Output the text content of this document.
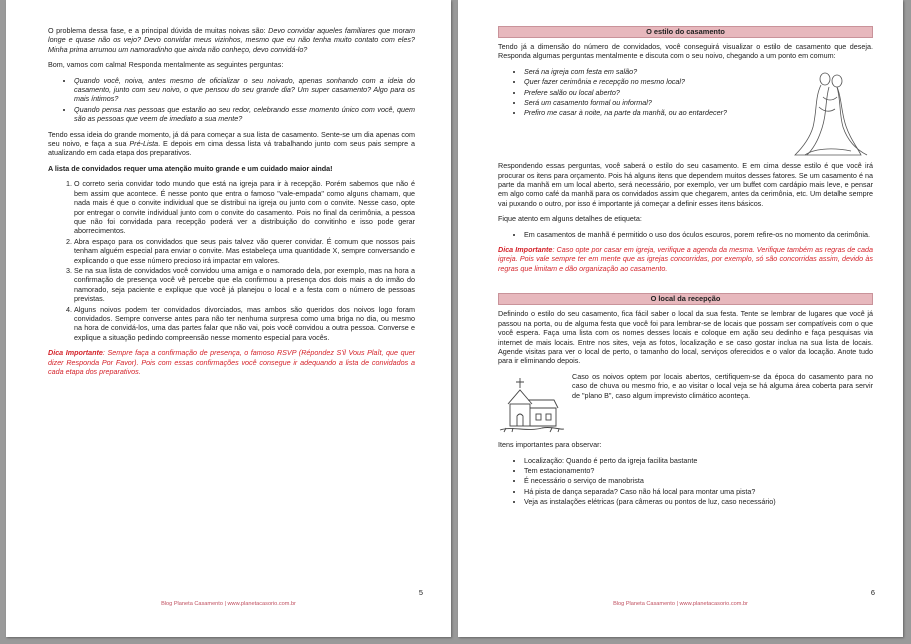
O problema dessa fase, e a principal dúvida de muitas noivas são: Devo convidar aqueles familiares que moram longe e quase não os vejo? Devo convidar meus vizinhos, mesmo que eu não tenha muito contato com eles? Minha prima arrumou um namoradinho que ainda não conheço, devo convidá-lo?

Bom, vamos com calma! Responda mentalmente as seguintes perguntas:

• Quando você, noiva, antes mesmo de oficializar o seu noivado, apenas sonhando com a ideia do casamento, junto com seu noivo, o que pensou do seu grande dia? Um super casamento? Algo para os mais íntimos?
• Quando pensa nas pessoas que estarão ao seu redor, celebrando esse momento único com você, quem são as pessoas que veem de imediato a sua mente?

Tendo essa ideia do grande momento, já dá para começar a sua lista de casamento. Sente-se um dia apenas com seu noivo, e faça a sua Pré-Lista. E depois em cima dessa lista vá trabalhando junto com seus pais sempre a atualizando em cada etapa dos preparativos.

A lista de convidados requer uma atenção muito grande e um cuidado maior ainda!

1. O correto seria convidar todo mundo que está na igreja para ir à recepção. Porém sabemos que não é bem assim que acontece. É nesse ponto que entra o famoso "vale-empada" como alguns chamam, que nada mais é que o convite individual que se distribui na igreja ou junto com o convite. Nesse caso, opte por entregar o convite individual junto com o convite do casamento. Pois no final da cerimônia, a pessoa que não foi convidada para recepção poderá ver a distribuição do convitinho e isso pode gerar aborrecimentos.
2. Abra espaço para os convidados que seus pais talvez vão querer convidar. É comum que nossos pais tenham alguém especial para enviar o convite. Mas estabeleça uma quantidade X, sempre conversando e explicando o que esse número precioso irá impactar em valores.
3. Se na sua lista de convidados você convidou uma amiga e o namorado dela, por exemplo, mas na hora a confirmação de presença você vê percebe que ela confirmou a presença dos dois mais a do irmão do namorado, seja paciente e explique que você já planejou o local e a festa com o número de pessoas previstas.
4. Alguns noivos podem ter convidados divorciados, mas ambos são queridos dos noivos logo foram convidados. Sempre converse antes para não ter nenhuma surpresa como uma briga no dia, ou mesmo na hora de convidá-los, uma das partes falar que não vai, pois você convidou a outra pessoa. Converse e explique a situação pedindo compreensão nesse momento especial para vocês.

Dica Importante: Sempre faça a confirmação de presença, o famoso RSVP (Répondez S'il Vous Plaît, que quer dizer Responda Por Favor). Pois com essas confirmações você consegue ir adequando a lista de convidados a cada etapa dos preparativos.

5
Blog Planeta Casamento | www.planetacasorio.com.br
O estilo do casamento

Tendo já a dimensão do número de convidados, você conseguirá visualizar o estilo de casamento que deseja. Responda algumas perguntas mentalmente e discuta com o seu noivo, chegando a um ponto em comum:

• Será na igreja com festa em salão?
• Quer fazer cerimônia e recepção no mesmo local?
• Prefere salão ou local aberto?
• Será um casamento formal ou informal?
• Prefiro me casar à noite, na parte da manhã, ou ao entardecer?

Respondendo essas perguntas, você saberá o estilo do seu casamento. E em cima desse estilo é que você irá procurar os itens para orçamento. Pois há alguns itens que dependem muitos desses fatores. Se um casamento é na parte da manhã em um local aberto, será necessário, por exemplo, ver um buffet com cardápio mais leve, e pensar em algo como café da manhã para os convidados assim que chegarem, antes da cerimônia, etc. Um detalhe sempre vai puxando o outro, por isso é importante já começar a definir esses itens básicos.

Fique atento em alguns detalhes de etiqueta:

• Em casamentos de manhã é permitido o uso dos óculos escuros, porem refire-os no momento da cerimônia.

Dica Importante: Caso opte por casar em igreja, verifique a agenda da mesma. Verifique também as regras de cada igreja. Pois vale sempre ter em mente que as igrejas concorridas, por exemplo, só são concorridas assim, devido às regras que limitam e dão organização ao casamento.

O local da recepção

Definindo o estilo do seu casamento, fica fácil saber o local da sua festa. Tente se lembrar de lugares que você já passou na porta, ou de alguma festa que você foi para lembrar-se de locais que possam ser compatíveis com o que você espera. Faça uma lista com os nomes desses locais e coloque em ação seu dedinho e faça pesquisas via internet de mais locais. Entre nos sites, veja as fotos, localização e se caso gostar inclua na sua lista de locais. Agende visitas para ver o local de perto, o tamanho do local, serviços oferecidos e o valor da locação. Anote tudo para ir eliminando depois.

Caso os noivos optem por locais abertos, certifiquem-se da época do casamento para no caso de chuva ou mesmo frio, e ao visitar o local veja se há alguma área coberta para servir de "plano B", caso algum imprevisto climático aconteça.

Itens importantes para observar:

• Localização: Quando é perto da igreja facilita bastante
• Tem estacionamento?
• É necessário o serviço de manobrista
• Há pista de dança separada? Caso não há local para montar uma pista?
• Veja as instalações elétricas (para câmeras ou pontos de luz, caso necessário)
6
Blog Planeta Casamento | www.planetacasorio.com.br
